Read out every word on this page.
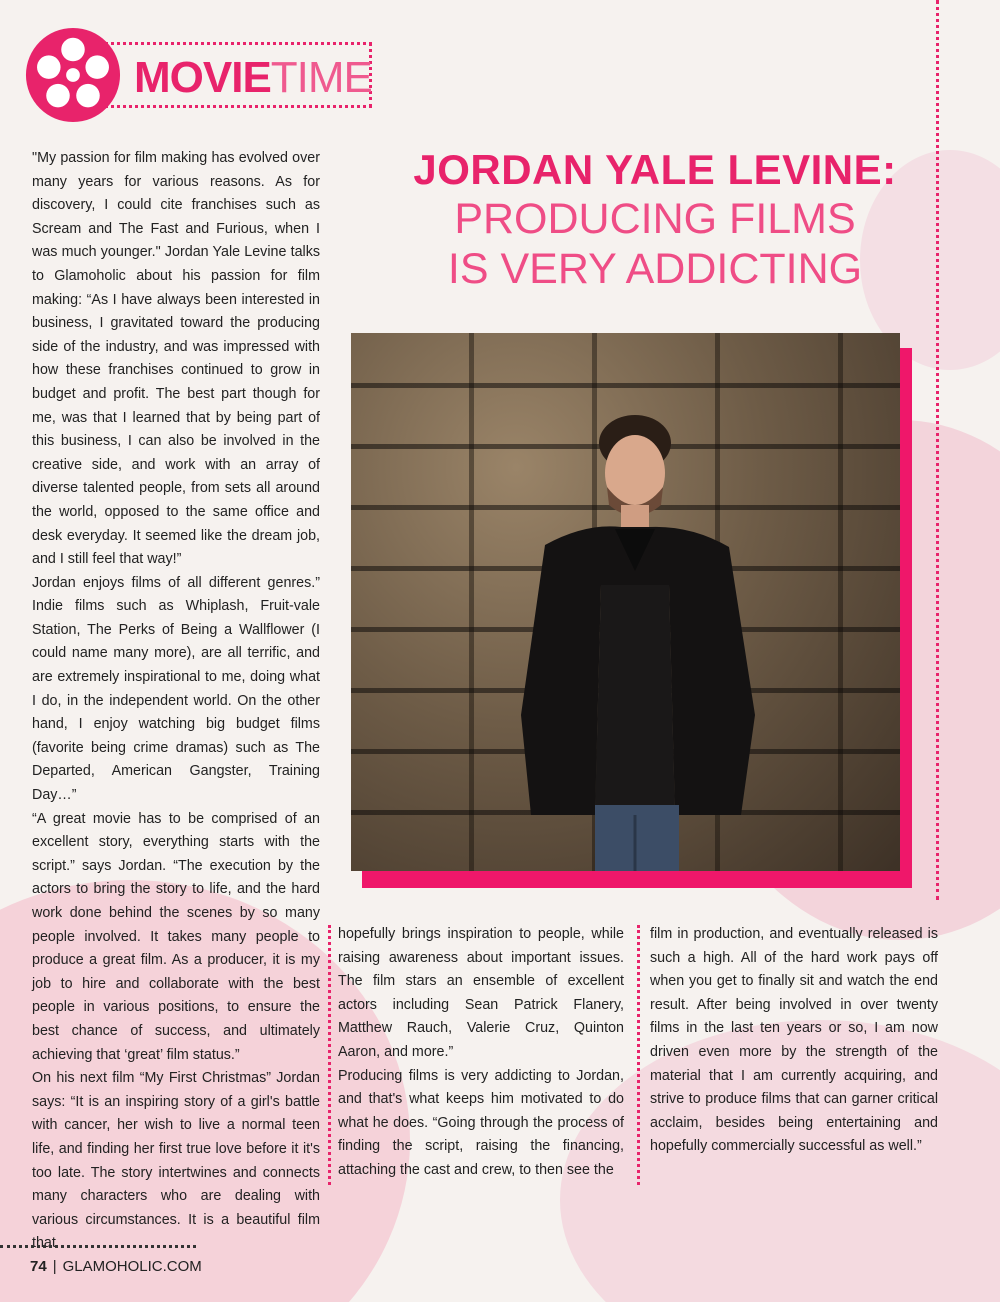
MOVIETIME
JORDAN YALE LEVINE:
PRODUCING FILMS
IS VERY ADDICTING

"My passion for film making has evolved over many years for various reasons. As for discovery, I could cite franchises such as Scream and The Fast and Furious, when I was much younger." Jordan Yale Levine talks to Glamoholic about his passion for film making: “As I have always been interested in business, I gravitated toward the producing side of the industry, and was impressed with how these franchises continued to grow in budget and profit. The best part though for me, was that I learned that by being part of this business, I can also be involved in the creative side, and work with an array of diverse talented people, from sets all around the world, opposed to the same office and desk everyday. It seemed like the dream job, and I still feel that way!”

Jordan enjoys films of all different genres.” Indie films such as Whiplash, Fruit-vale Station, The Perks of Being a Wallflower (I could name many more), are all terrific, and are extremely inspirational to me, doing what I do, in the independent world. On the other hand, I enjoy watching big budget films (favorite being crime dramas) such as The Departed, American Gangster, Training Day…”

“A great movie has to be comprised of an excellent story, everything starts with the script.” says Jordan. “The execution by the actors to bring the story to life, and the hard work done behind the scenes by so many people involved. It takes many people to produce a great film. As a producer, it is my job to hire and collaborate with the best people in various positions, to ensure the best chance of success, and ultimately achieving that ‘great’ film status.”

On his next film “My First Christmas” Jordan says: “It is an inspiring story of a girl's battle with cancer, her wish to live a normal teen life, and finding her first true love before it it's too late. The story intertwines and connects many characters who are dealing with various circumstances. It is a beautiful film that

hopefully brings inspiration to people, while raising awareness about important issues. The film stars an ensemble of excellent actors including Sean Patrick Flanery, Matthew Rauch, Valerie Cruz, Quinton Aaron, and more.”

Producing films is very addicting to Jordan, and that's what keeps him motivated to do what he does. “Going through the process of finding the script, raising the financing, attaching the cast and crew, to then see the

film in production, and eventually released is such a high. All of the hard work pays off when you get to finally sit and watch the end result. After being involved in over twenty films in the last ten years or so, I am now driven even more by the strength of the material that I am currently acquiring, and strive to produce films that can garner critical acclaim, besides being entertaining and hopefully commercially successful as well.”

74 | GLAMOHOLIC.COM
